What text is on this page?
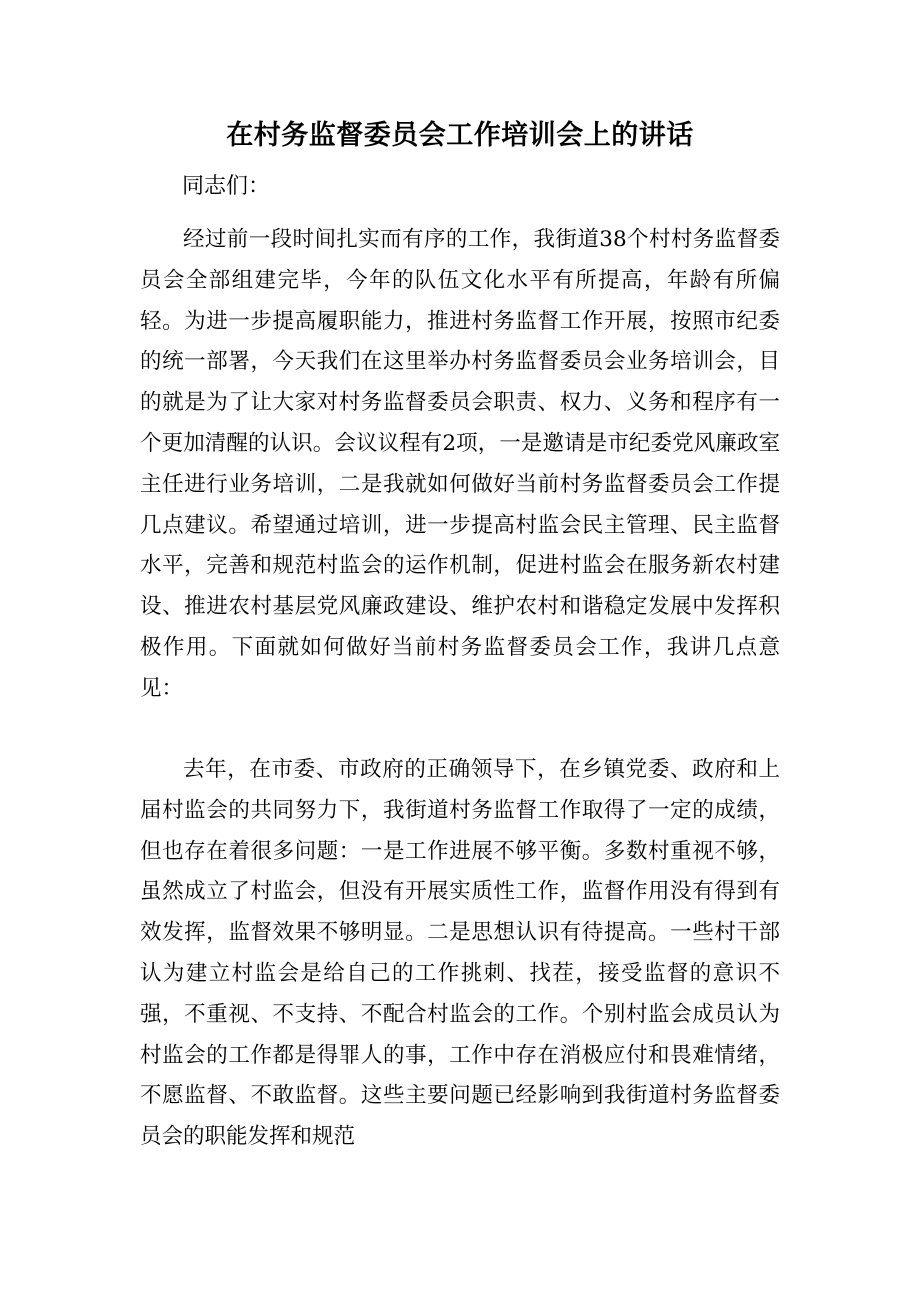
在村务监督委员会工作培训会上的讲话
同志们：

经过前一段时间扎实而有序的工作，我街道38个村村务监督委员会全部组建完毕，今年的队伍文化水平有所提高，年龄有所偏轻。为进一步提高履职能力，推进村务监督工作开展，按照市纪委的统一部署，今天我们在这里举办村务监督委员会业务培训会，目的就是为了让大家对村务监督委员会职责、权力、义务和程序有一个更加清醒的认识。会议议程有2项，一是邀请是市纪委党风廉政室主任进行业务培训，二是我就如何做好当前村务监督委员会工作提几点建议。希望通过培训，进一步提高村监会民主管理、民主监督水平，完善和规范村监会的运作机制，促进村监会在服务新农村建设、推进农村基层党风廉政建设、维护农村和谐稳定发展中发挥积极作用。下面就如何做好当前村务监督委员会工作，我讲几点意见：

去年，在市委、市政府的正确领导下，在乡镇党委、政府和上届村监会的共同努力下，我街道村务监督工作取得了一定的成绩，但也存在着很多问题：一是工作进展不够平衡。多数村重视不够，虽然成立了村监会，但没有开展实质性工作，监督作用没有得到有效发挥，监督效果不够明显。二是思想认识有待提高。一些村干部认为建立村监会是给自己的工作挑刺、找茬，接受监督的意识不强，不重视、不支持、不配合村监会的工作。个别村监会成员认为村监会的工作都是得罪人的事，工作中存在消极应付和畏难情绪，不愿监督、不敢监督。这些主要问题已经影响到我街道村务监督委员会的职能发挥和规范
